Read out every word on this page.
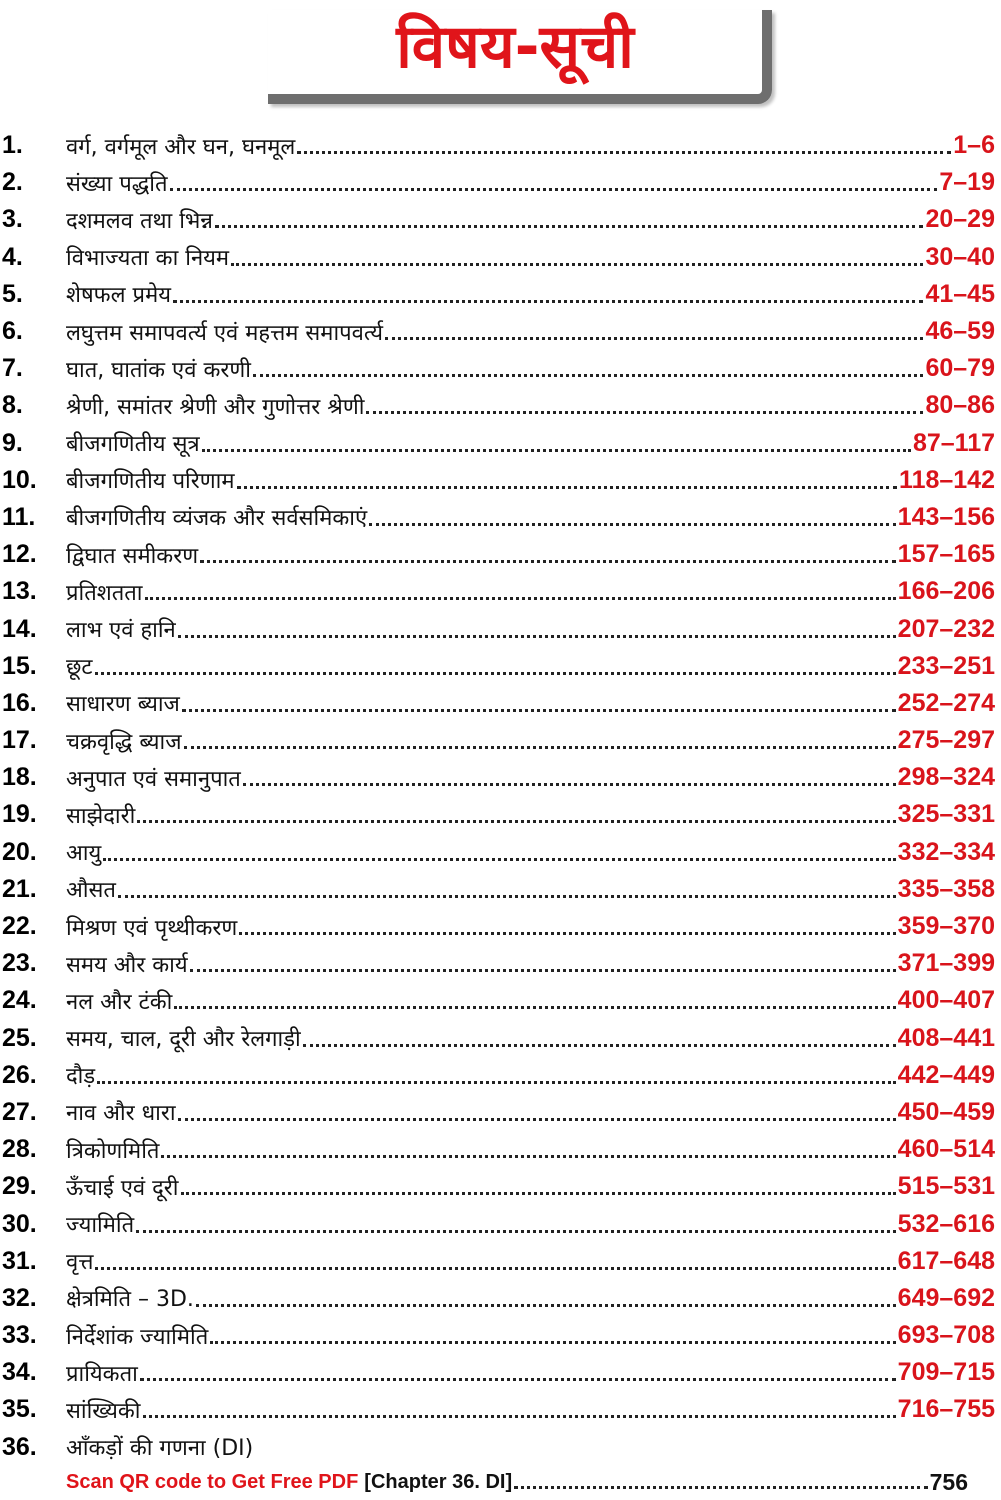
विषय-सूची
1.	वर्ग, वर्गमूल और घन, घनमूल	1–6
2.	संख्या पद्धति	7–19
3.	दशमलव तथा भिन्न	20–29
4.	विभाज्यता का नियम	30–40
5.	शेषफल प्रमेय	41–45
6.	लघुत्तम समापवर्त्य एवं महत्तम समापवर्त्य	46–59
7.	घात, घातांक एवं करणी	60–79
8.	श्रेणी, समांतर श्रेणी और गुणोत्तर श्रेणी	80–86
9.	बीजगणितीय सूत्र	87–117
10.	बीजगणितीय परिणाम	118–142
11.	बीजगणितीय व्यंजक और सर्वसमिकाएं	143–156
12.	द्विघात समीकरण	157–165
13.	प्रतिशतता	166–206
14.	लाभ एवं हानि	207–232
15.	छूट	233–251
16.	साधारण ब्याज	252–274
17.	चक्रवृद्धि ब्याज	275–297
18.	अनुपात एवं समानुपात	298–324
19.	साझेदारी	325–331
20.	आयु	332–334
21.	औसत	335–358
22.	मिश्रण एवं पृथ्थीकरण	359–370
23.	समय और कार्य	371–399
24.	नल और टंकी	400–407
25.	समय, चाल, दूरी और रेलगाड़ी	408–441
26.	दौड़	442–449
27.	नाव और धारा	450–459
28.	त्रिकोणमिति	460–514
29.	ऊँचाई एवं दूरी	515–531
30.	ज्यामिति	532–616
31.	वृत्त	617–648
32.	क्षेत्रमिति – 3D.	649–692
33.	निर्देशांक ज्यामिति	693–708
34.	प्रायिकता	709–715
35.	सांख्यिकी	716–755
36.	आँकड़ों की गणना (DI)
Scan QR code to Get Free PDF [Chapter 36. DI]	756
